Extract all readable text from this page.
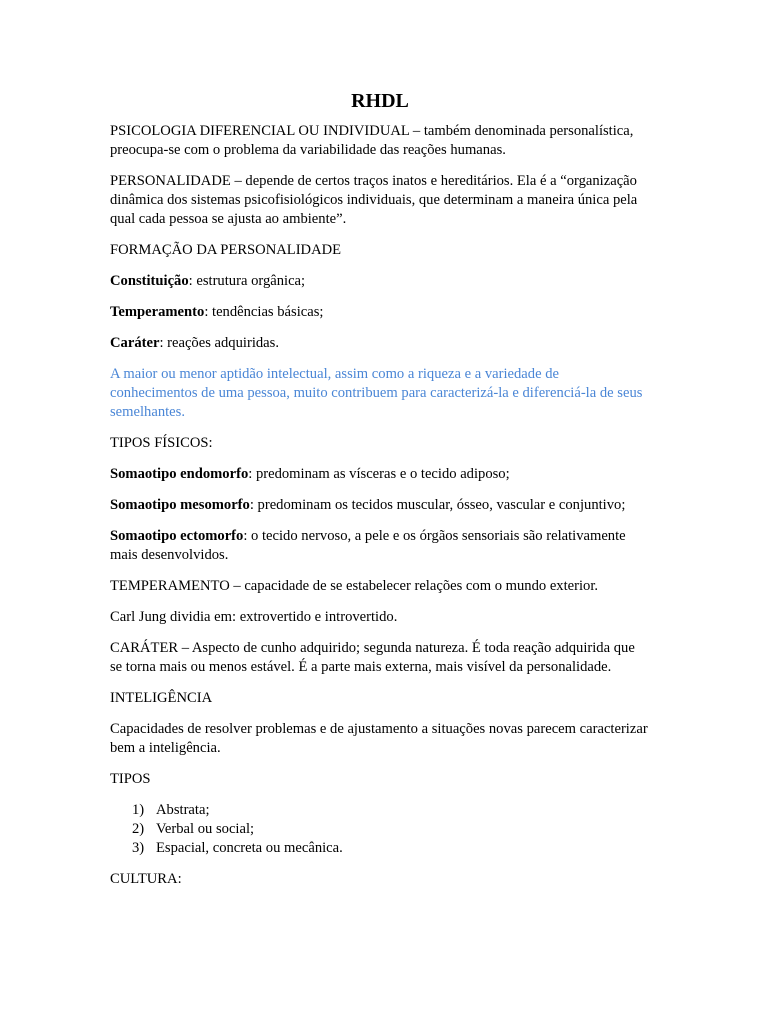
RHDL

PSICOLOGIA DIFERENCIAL OU INDIVIDUAL – também denominada personalística, preocupa-se com o problema da variabilidade das reações humanas.

PERSONALIDADE – depende de certos traços inatos e hereditários. Ela é a “organização dinâmica dos sistemas psicofisiológicos individuais, que determinam a maneira única pela qual cada pessoa se ajusta ao ambiente”.

FORMAÇÃO DA PERSONALIDADE

Constituição: estrutura orgânica;

Temperamento: tendências básicas;

Caráter: reações adquiridas.

A maior ou menor aptidão intelectual, assim como a riqueza e a variedade de conhecimentos de uma pessoa, muito contribuem para caracterizá-la e diferenciá-la de seus semelhantes.

TIPOS FÍSICOS:

Somaotipo endomorfo: predominam as vísceras e o tecido adiposo;

Somaotipo mesomorfo: predominam os tecidos muscular, ósseo, vascular e conjuntivo;

Somaotipo ectomorfo: o tecido nervoso, a pele e os órgãos sensoriais são relativamente mais desenvolvidos.

TEMPERAMENTO – capacidade de se estabelecer relações com o mundo exterior.

Carl Jung dividia em: extrovertido e introvertido.

CARÁTER – Aspecto de cunho adquirido; segunda natureza. É toda reação adquirida que se torna mais ou menos estável. É a parte mais externa, mais visível da personalidade.

INTELIGÊNCIA

Capacidades de resolver problemas e de ajustamento a situações novas parecem caracterizar bem a inteligência.

TIPOS

1) Abstrata;
2) Verbal ou social;
3) Espacial, concreta ou mecânica.

CULTURA:
